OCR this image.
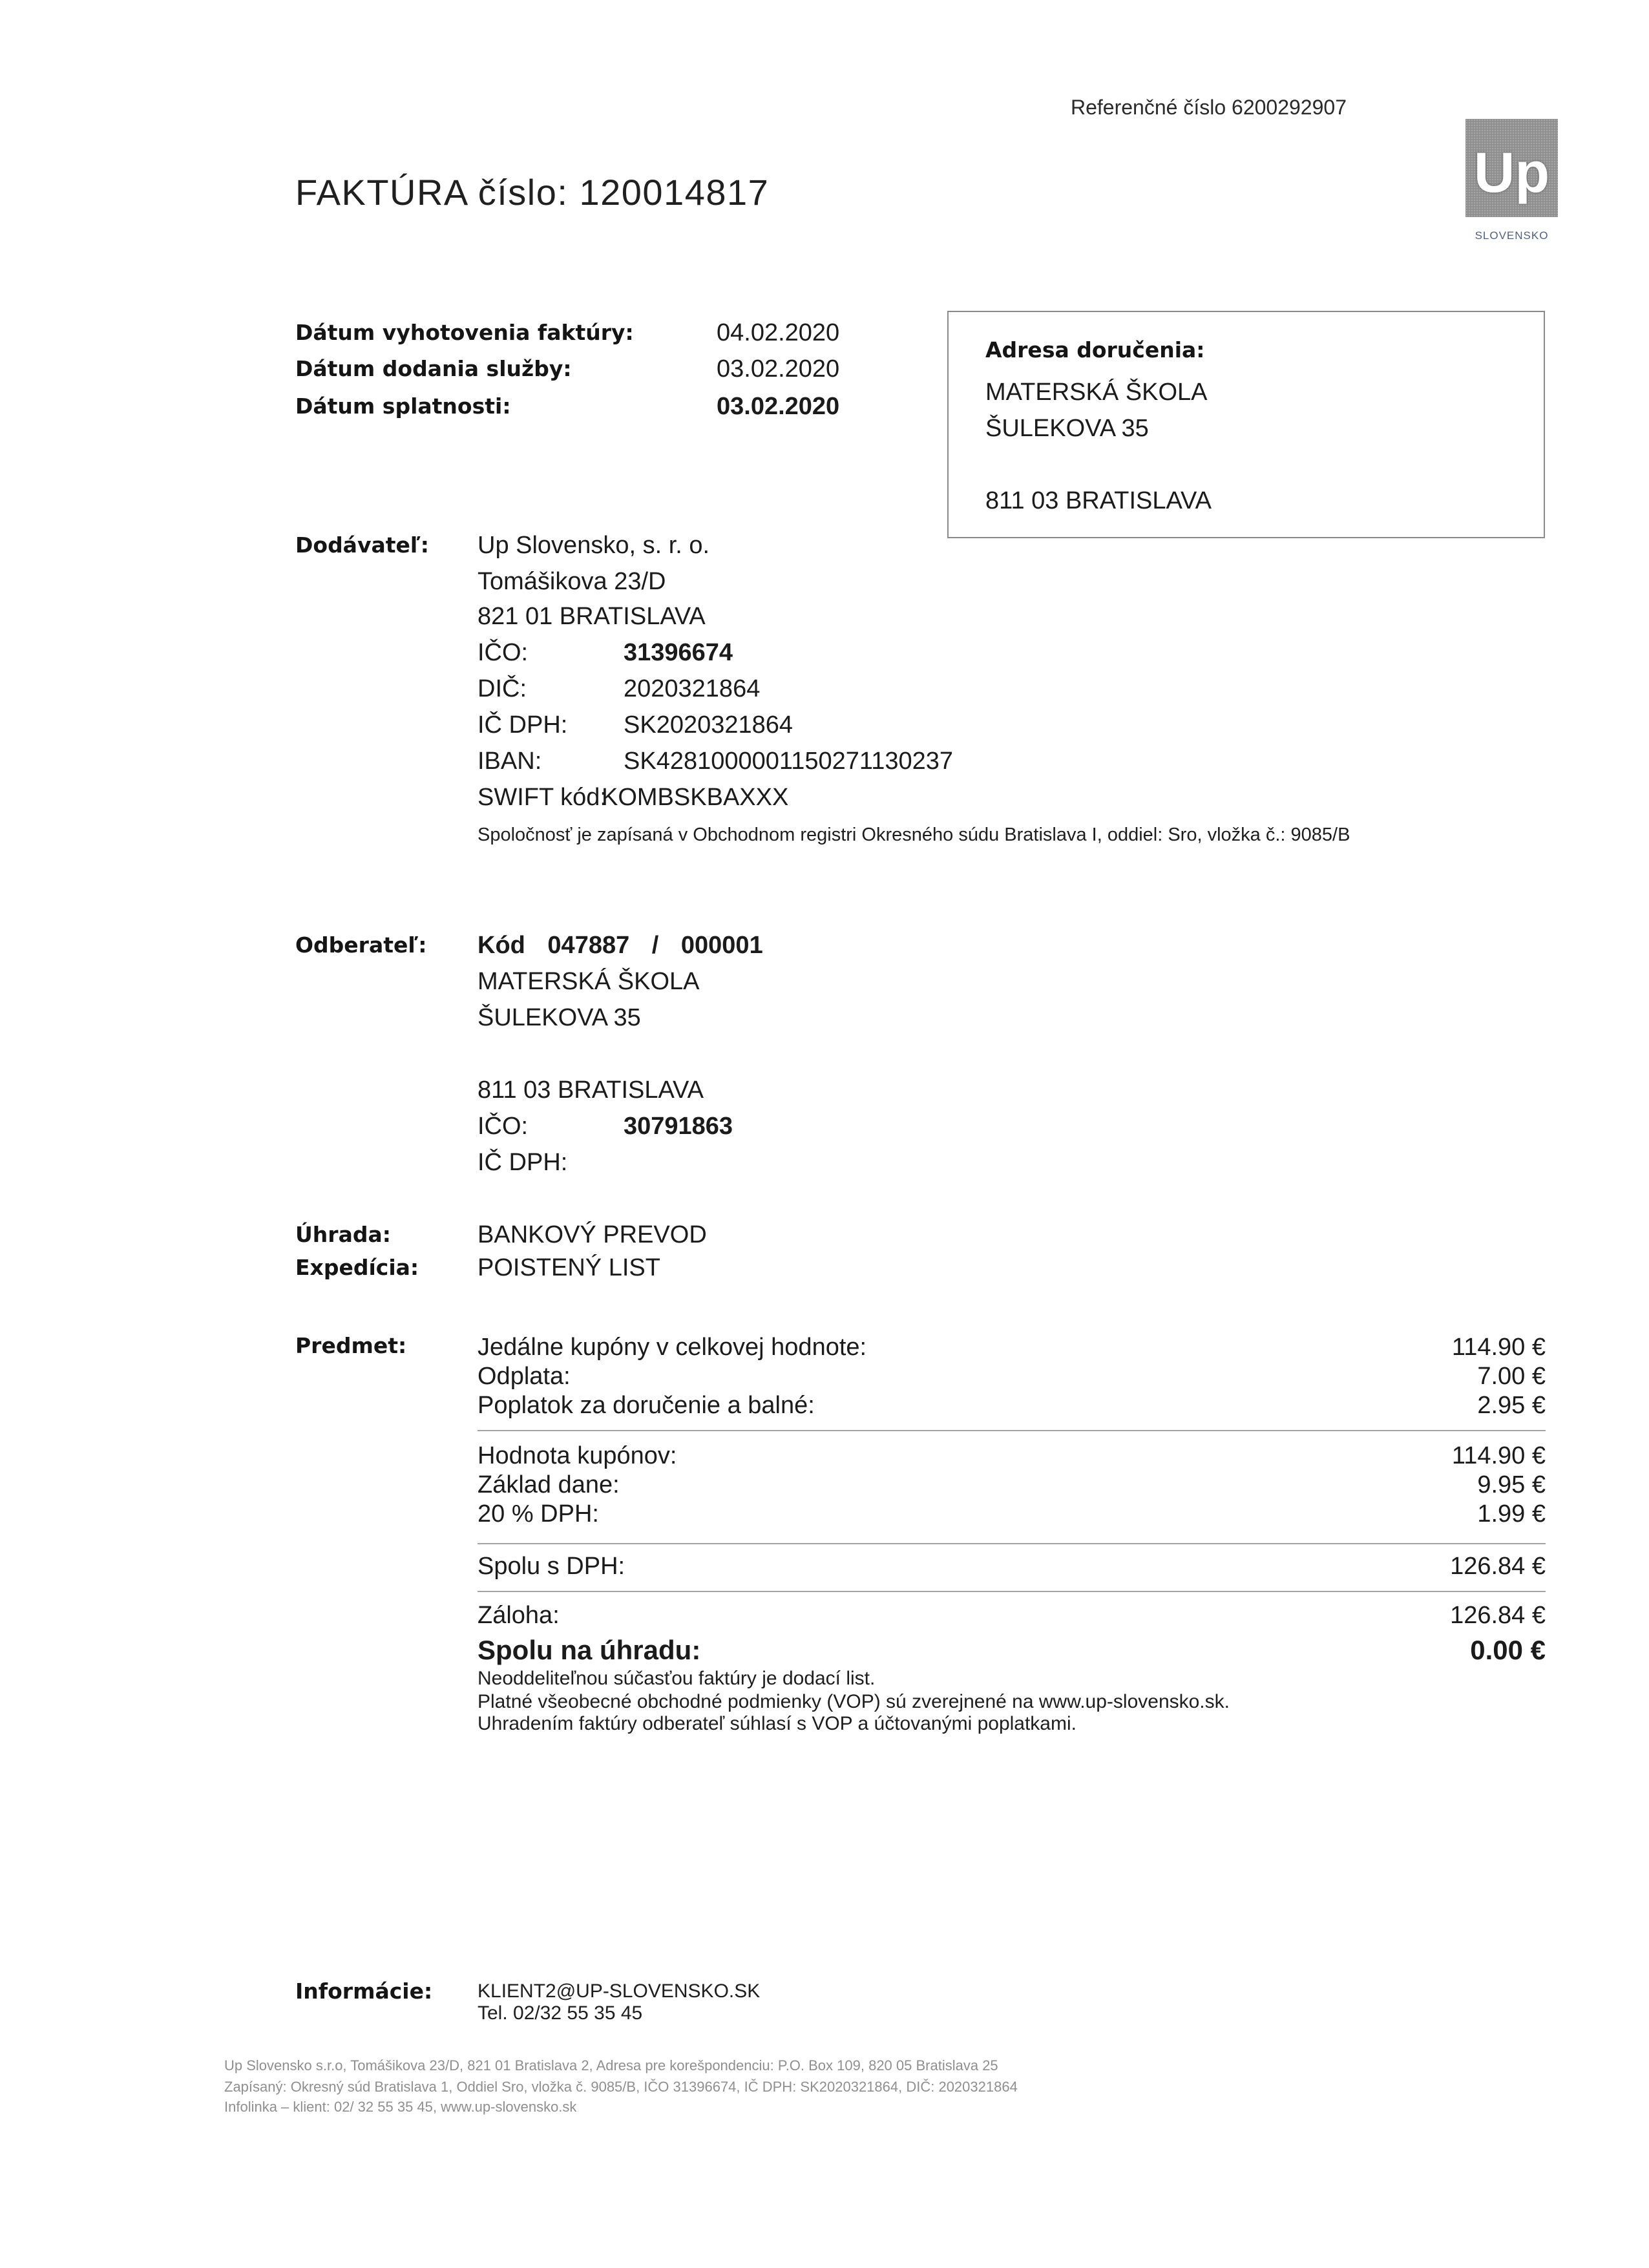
Referenčné číslo 6200292907
Up
SLOVENSKO
FAKTÚRA číslo: 120014817
Dátum vyhotovenia faktúry:	04.02.2020
Dátum dodania služby:	03.02.2020
Dátum splatnosti:	03.02.2020
Adresa doručenia:
MATERSKÁ ŠKOLA
ŠULEKOVA 35
811 03 BRATISLAVA
Dodávateľ: Up Slovensko, s. r. o.
Tomášikova 23/D
821 01 BRATISLAVA
IČO:	31396674
DIČ:	2020321864
IČ DPH: SK2020321864
IBAN:	SK4281000001150271130237
SWIFT kód:
KOMBSKBAXXX
Spoločnosť je zapísaná v Obchodnom registri Okresného súdu Bratislava I, oddiel: Sro, vložka č.: 9085/B
Odberateľ: Kód 047887 / 000001
MATERSKÁ ŠKOLA
ŠULEKOVA 35
811 03 BRATISLAVA
IČO:	30791863
IČ DPH:
Úhrada:	BANKOVÝ PREVOD
Expedícia: POISTENÝ LIST
Predmet:	Jedálne kupóny v celkovej hodnote:	114.90 €
Odplata:	7.00 €
Poplatok za doručenie a balné:	2.95 €
Hodnota kupónov:	114.90 €
Základ dane:	9.95 €
20 % DPH:	1.99 €
Spolu s DPH:	126.84 €
Záloha:	126.84 €
Spolu na úhradu:	0.00 €
Neoddeliteľnou súčasťou faktúry je dodací list.
Platné všeobecné obchodné podmienky (VOP) sú zverejnené na www.up-slovensko.sk.
Uhradením faktúry odberateľ súhlasí s VOP a účtovanými poplatkami.
Informácie: KLIENT2@UP-SLOVENSKO.SK
Tel. 02/32 55 35 45
Up Slovensko s.r.o, Tomášikova 23/D, 821 01 Bratislava 2, Adresa pre korešpondenciu: P.O. Box 109, 820 05 Bratislava 25
Zapísaný: Okresný súd Bratislava 1, Oddiel Sro, vložka č. 9085/B, IČO 31396674, IČ DPH: SK2020321864, DIČ: 2020321864
Infolinka – klient: 02/ 32 55 35 45, www.up-slovensko.sk
